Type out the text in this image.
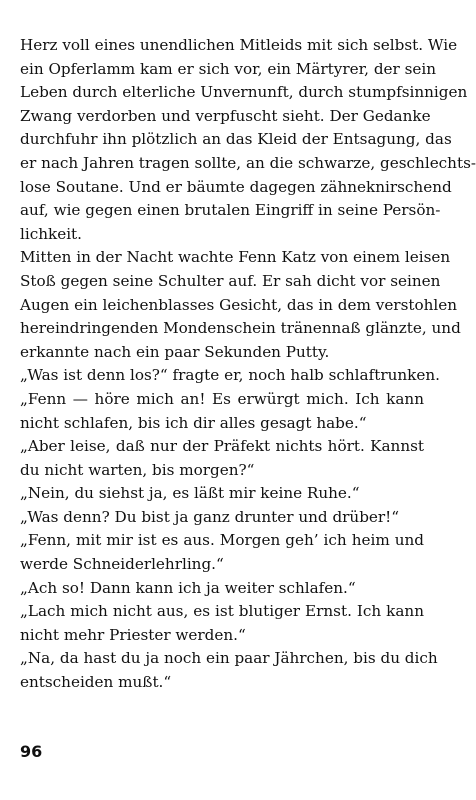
Herz voll eines unendlichen Mitleids mit sich selbst. Wie
ein Opferlamm kam er sich vor, ein Märtyrer, der sein
Leben durch elterliche Unvernunft, durch stumpfsinnigen
Zwang verdorben und verpfuscht sieht. Der Gedanke
durchfuhr ihn plötzlich an das Kleid der Entsagung, das
er nach Jahren tragen sollte, an die schwarze, geschlechts-
lose Soutane. Und er bäumte dagegen zähneknirschend
auf, wie gegen einen brutalen Eingriff in seine Persön-
lichkeit.
Mitten in der Nacht wachte Fenn Katz von einem leisen
Stoß gegen seine Schulter auf. Er sah dicht vor seinen
Augen ein leichenblasses Gesicht, das in dem verstohlen
hereindringenden Mondenschein tränennaß glänzte, und
erkannte nach ein paar Sekunden Putty.
„Was ist denn los?“ fragte er, noch halb schlaftrunken.
„Fenn — höre mich an! Es erwürgt mich. Ich kann
nicht schlafen, bis ich dir alles gesagt habe.“
„Aber leise, daß nur der Präfekt nichts hört. Kannst
du nicht warten, bis morgen?“
„Nein, du siehst ja, es läßt mir keine Ruhe.“
„Was denn? Du bist ja ganz drunter und drüber!“
„Fenn, mit mir ist es aus. Morgen geh’ ich heim und
werde Schneiderlehrling.“
„Ach so! Dann kann ich ja weiter schlafen.“
„Lach mich nicht aus, es ist blutiger Ernst. Ich kann
nicht mehr Priester werden.“
„Na, da hast du ja noch ein paar Jährchen, bis du dich
entscheiden mußt.“
96
